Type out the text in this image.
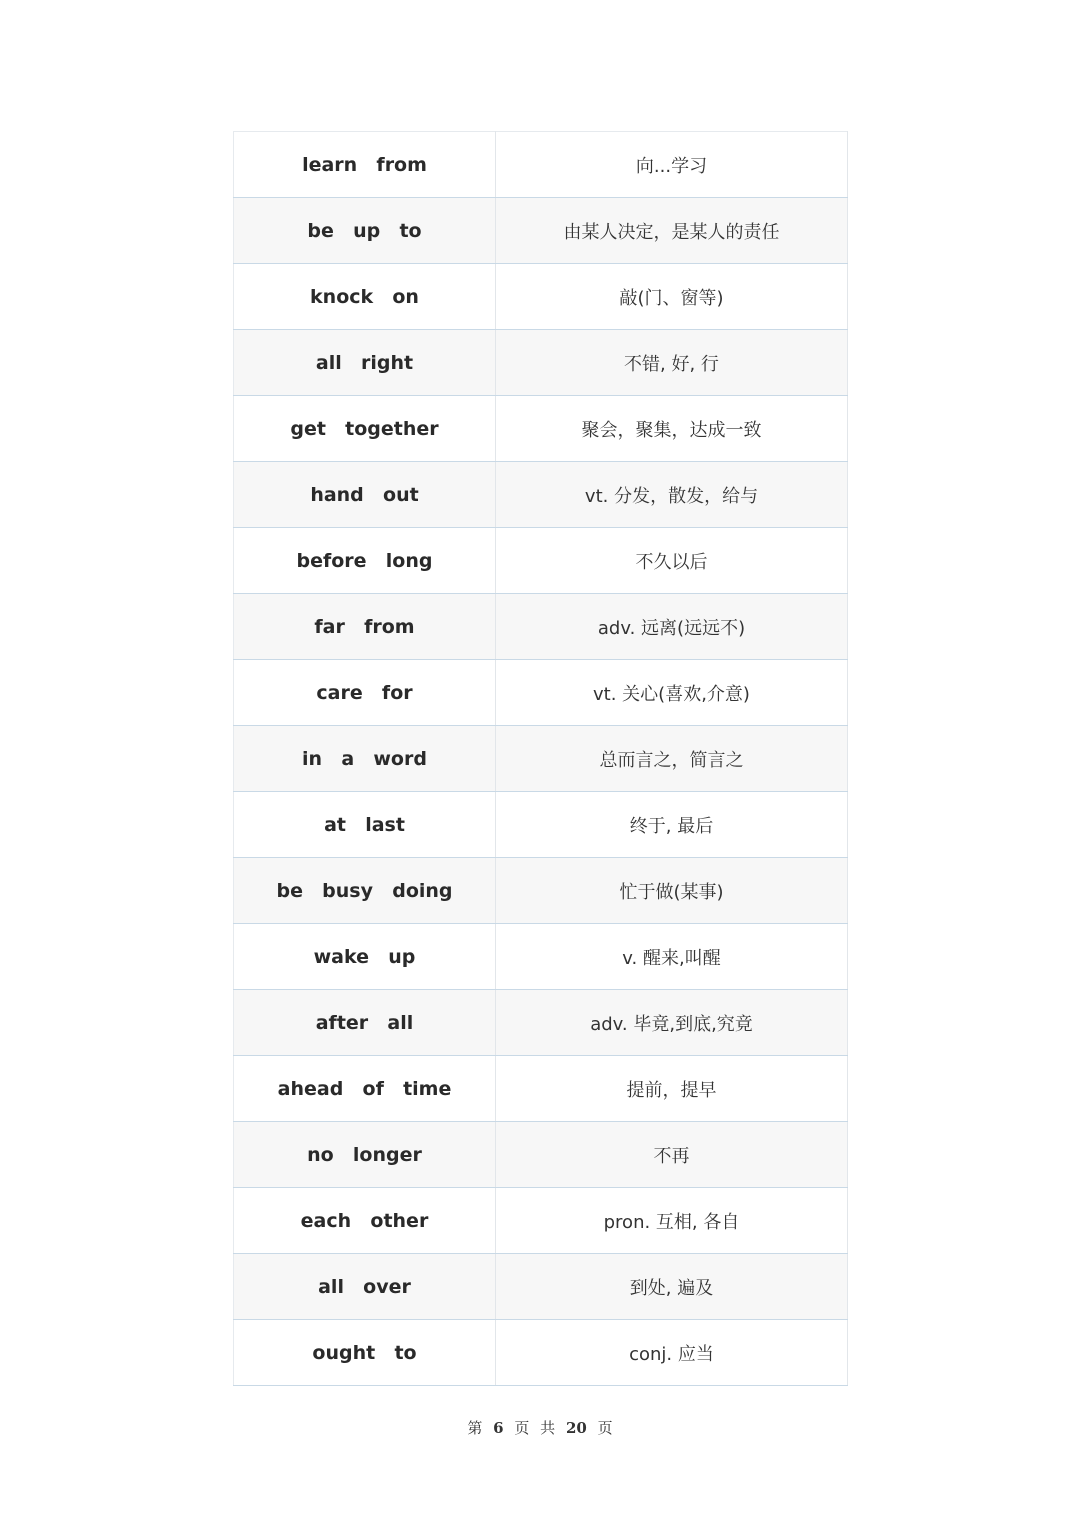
learn  from	向...学习
be  up  to	由某人决定，是某人的责任
knock  on	敲(门、窗等)
all  right	不错, 好, 行
get  together	聚会，聚集，达成一致
hand  out	vt. 分发，散发，给与
before  long	不久以后
far  from	adv. 远离(远远不)
care  for	vt. 关心(喜欢,介意)
in  a  word	总而言之，简言之
at  last	终于, 最后
be  busy  doing	忙于做(某事)
wake  up	v. 醒来,叫醒
after  all	adv. 毕竟,到底,究竟
ahead  of  time	提前，提早
no  longer	不再
each  other	pron. 互相, 各自
all  over	到处, 遍及
ought  to	conj. 应当
第 6 页 共 20 页
